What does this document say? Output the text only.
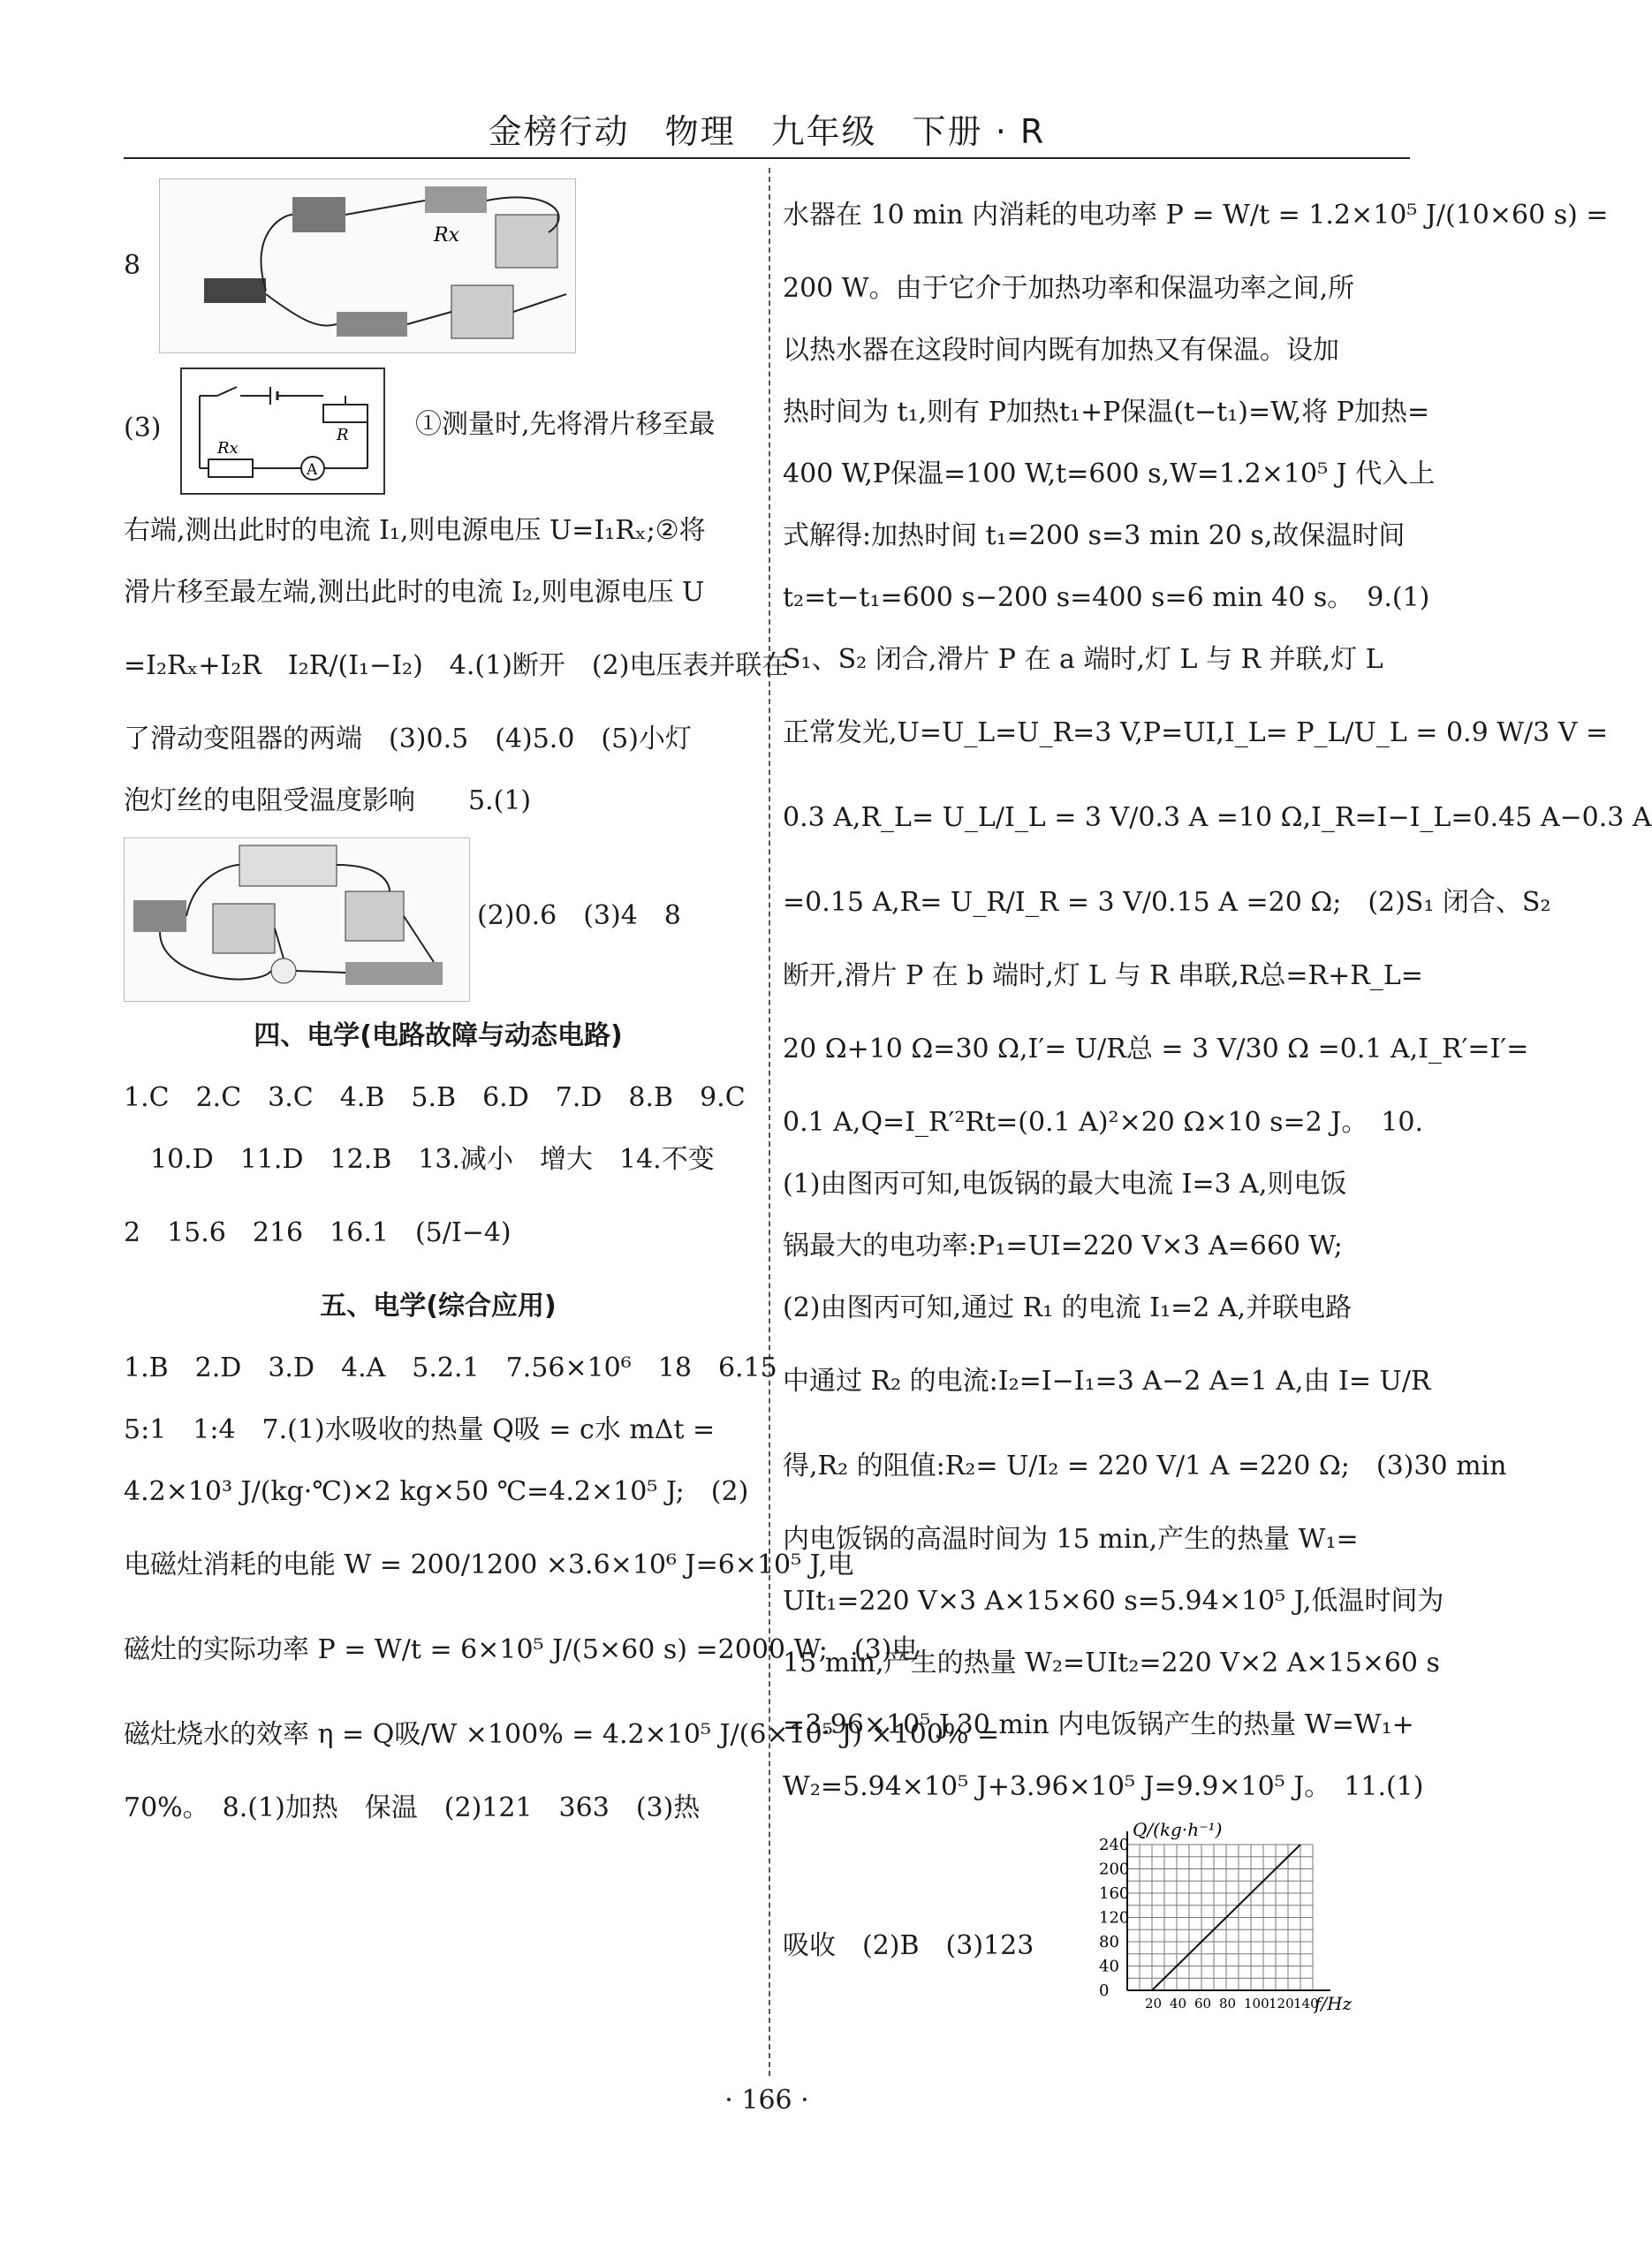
金榜行动　物理　九年级　下册 · R
8
Rx
(3)	R
Rx
A
①测量时,先将滑片移至最
右端,测出此时的电流 I₁,则电源电压 U=I₁Rₓ;②将
滑片移至最左端,测出此时的电流 I₂,则电源电压 U
=I₂Rₓ+I₂R　I₂R/(I₁−I₂)　4.(1)断开　(2)电压表并联在
了滑动变阻器的两端　(3)0.5　(4)5.0　(5)小灯
泡灯丝的电阻受温度影响　　5.(1)
(2)0.6　(3)4　8
四、电学(电路故障与动态电路)
1.C　2.C　3.C　4.B　5.B　6.D　7.D　8.B　9.C
　10.D　11.D　12.B　13.减小　增大　14.不变
2　15.6　216　16.1　(5/I−4)
五、电学(综合应用)
1.B　2.D　3.D　4.A　5.2.1　7.56×10⁶　18　6.15
5:1　1:4　7.(1)水吸收的热量 Q吸 = c水 mΔt =
4.2×10³ J/(kg·℃)×2 kg×50 ℃=4.2×10⁵ J;　(2)
电磁灶消耗的电能 W = 200/1200 ×3.6×10⁶ J=6×10⁵ J,电
磁灶的实际功率 P = W/t = 6×10⁵ J/(5×60 s) =2000 W;　(3)电
磁灶烧水的效率 η = Q吸/W ×100% = 4.2×10⁵ J/(6×10⁵ J) ×100% =
70%。　8.(1)加热　保温　(2)121　363　(3)热
水器在 10 min 内消耗的电功率 P = W/t = 1.2×10⁵ J/(10×60 s) =
200 W。由于它介于加热功率和保温功率之间,所
以热水器在这段时间内既有加热又有保温。设加
热时间为 t₁,则有 P加热t₁+P保温(t−t₁)=W,将 P加热=
400 W,P保温=100 W,t=600 s,W=1.2×10⁵ J 代入上
式解得:加热时间 t₁=200 s=3 min 20 s,故保温时间
t₂=t−t₁=600 s−200 s=400 s=6 min 40 s。　9.(1)
S₁、S₂ 闭合,滑片 P 在 a 端时,灯 L 与 R 并联,灯 L
正常发光,U=U_L=U_R=3 V,P=UI,I_L= P_L/U_L = 0.9 W/3 V =
0.3 A,R_L= U_L/I_L = 3 V/0.3 A =10 Ω,I_R=I−I_L=0.45 A−0.3 A
=0.15 A,R= U_R/I_R = 3 V/0.15 A =20 Ω;　(2)S₁ 闭合、S₂
断开,滑片 P 在 b 端时,灯 L 与 R 串联,R总=R+R_L=
20 Ω+10 Ω=30 Ω,I′= U/R总 = 3 V/30 Ω =0.1 A,I_R′=I′=
0.1 A,Q=I_R′²Rt=(0.1 A)²×20 Ω×10 s=2 J。　10.
(1)由图丙可知,电饭锅的最大电流 I=3 A,则电饭
锅最大的电功率:P₁=UI=220 V×3 A=660 W;
(2)由图丙可知,通过 R₁ 的电流 I₁=2 A,并联电路
中通过 R₂ 的电流:I₂=I−I₁=3 A−2 A=1 A,由 I= U/R
得,R₂ 的阻值:R₂= U/I₂ = 220 V/1 A =220 Ω;　(3)30 min
内电饭锅的高温时间为 15 min,产生的热量 W₁=
UIt₁=220 V×3 A×15×60 s=5.94×10⁵ J,低温时间为
15 min,产生的热量 W₂=UIt₂=220 V×2 A×15×60 s
=3.96×10⁵ J,30 min 内电饭锅产生的热量 W=W₁+
W₂=5.94×10⁵ J+3.96×10⁵ J=9.9×10⁵ J。　11.(1)
吸收　(2)B　(3)123
20 40 60 80 100 120 140
0
40
80
120
160
200
240
f/Hz
Q/(kg·h⁻¹)
· 166 ·
